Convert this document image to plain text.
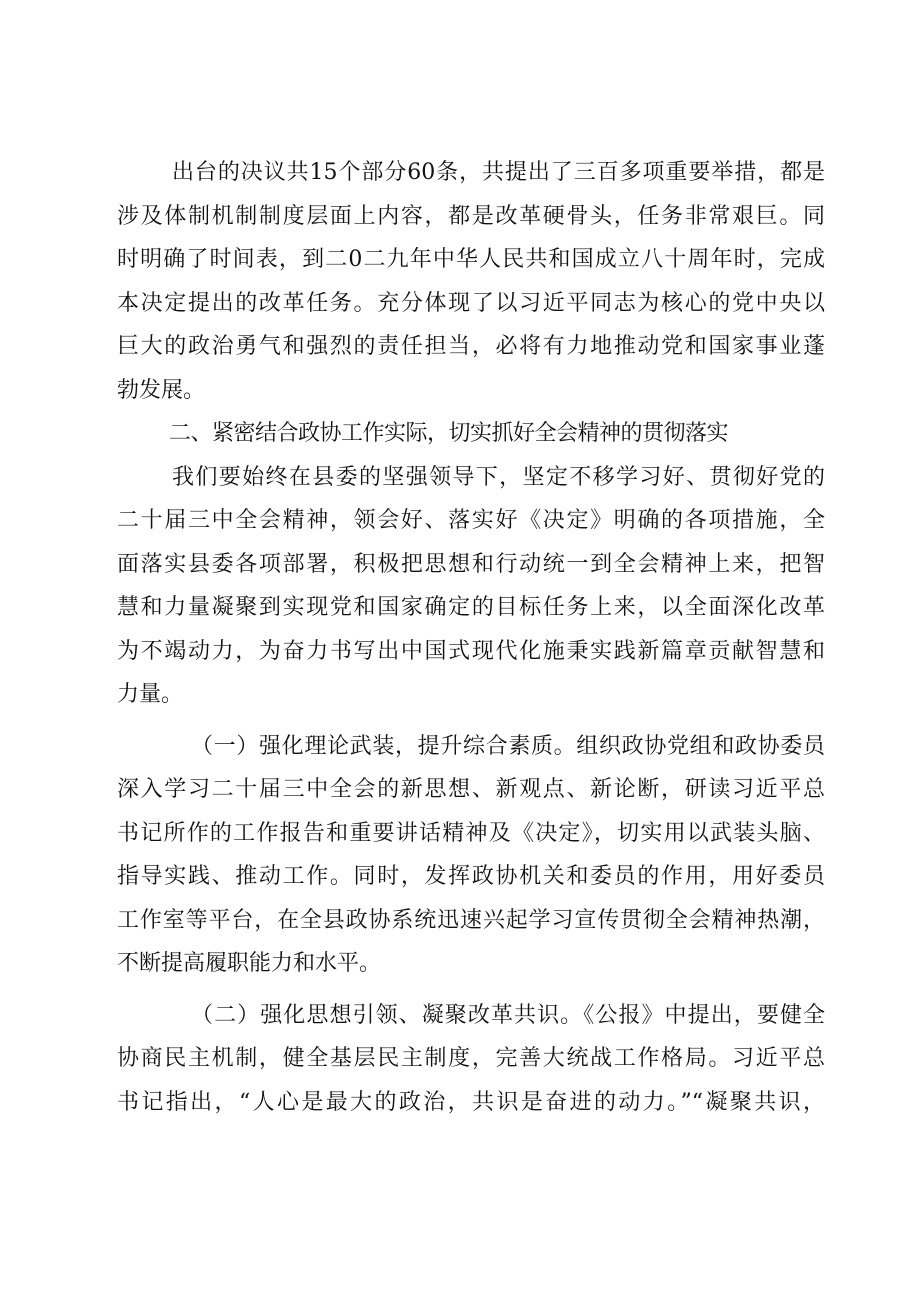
出台的决议共15个部分60条，共提出了三百多项重要举措，都是
涉及体制机制制度层面上内容，都是改革硬骨头，任务非常艰巨。同
时明确了时间表，到二0二九年中华人民共和国成立八十周年时，完成
本决定提出的改革任务。充分体现了以习近平同志为核心的党中央以
巨大的政治勇气和强烈的责任担当，必将有力地推动党和国家事业蓬
勃发展。
二、紧密结合政协工作实际，切实抓好全会精神的贯彻落实
我们要始终在县委的坚强领导下，坚定不移学习好、贯彻好党的
二十届三中全会精神，领会好、落实好《决定》明确的各项措施，全
面落实县委各项部署，积极把思想和行动统一到全会精神上来，把智
慧和力量凝聚到实现党和国家确定的目标任务上来，以全面深化改革
为不竭动力，为奋力书写出中国式现代化施秉实践新篇章贡献智慧和
力量。
（一）强化理论武装，提升综合素质。组织政协党组和政协委员
深入学习二十届三中全会的新思想、新观点、新论断，研读习近平总
书记所作的工作报告和重要讲话精神及《决定》，切实用以武装头脑、
指导实践、推动工作。同时，发挥政协机关和委员的作用，用好委员
工作室等平台，在全县政协系统迅速兴起学习宣传贯彻全会精神热潮，
不断提高履职能力和水平。
（二）强化思想引领、凝聚改革共识。《公报》中提出，要健全
协商民主机制，健全基层民主制度，完善大统战工作格局。习近平总
书记指出，“人心是最大的政治，共识是奋进的动力。”“凝聚共识，
